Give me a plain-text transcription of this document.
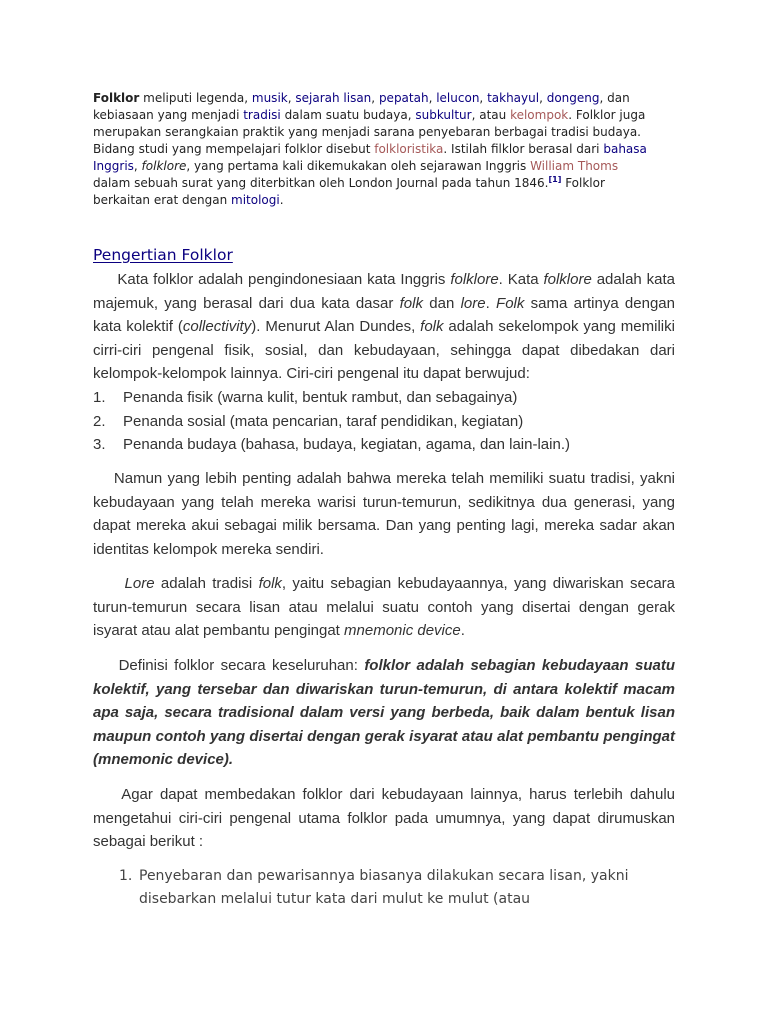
Folklor meliputi legenda, musik, sejarah lisan, pepatah, lelucon, takhayul, dongeng, dan kebiasaan yang menjadi tradisi dalam suatu budaya, subkultur, atau kelompok. Folklor juga merupakan serangkaian praktik yang menjadi sarana penyebaran berbagai tradisi budaya. Bidang studi yang mempelajari folklor disebut folkloristika. Istilah filklor berasal dari bahasa Inggris, folklore, yang pertama kali dikemukakan oleh sejarawan Inggris William Thoms dalam sebuah surat yang diterbitkan oleh London Journal pada tahun 1846.[1] Folklor berkaitan erat dengan mitologi.

Pengertian Folklor

Kata folklor adalah pengindonesiaan kata Inggris folklore. Kata folklore adalah kata majemuk, yang berasal dari dua kata dasar folk dan lore. Folk sama artinya dengan kata kolektif (collectivity). Menurut Alan Dundes, folk adalah sekelompok yang memiliki cirri-ciri pengenal fisik, sosial, dan kebudayaan, sehingga dapat dibedakan dari kelompok-kelompok lainnya. Ciri-ciri pengenal itu dapat berwujud:

1. Penanda fisik (warna kulit, bentuk rambut, dan sebagainya)
2. Penanda sosial (mata pencarian, taraf pendidikan, kegiatan)
3. Penanda budaya (bahasa, budaya, kegiatan, agama, dan lain-lain.)

Namun yang lebih penting adalah bahwa mereka telah memiliki suatu tradisi, yakni kebudayaan yang telah mereka warisi turun-temurun, sedikitnya dua generasi, yang dapat mereka akui sebagai milik bersama. Dan yang penting lagi, mereka sadar akan identitas kelompok mereka sendiri.

Lore adalah tradisi folk, yaitu sebagian kebudayaannya, yang diwariskan secara turun-temurun secara lisan atau melalui suatu contoh yang disertai dengan gerak isyarat atau alat pembantu pengingat mnemonic device.

Definisi folklor secara keseluruhan: folklor adalah sebagian kebudayaan suatu kolektif, yang tersebar dan diwariskan turun-temurun, di antara kolektif macam apa saja, secara tradisional dalam versi yang berbeda, baik dalam bentuk lisan maupun contoh yang disertai dengan gerak isyarat atau alat pembantu pengingat (mnemonic device).

Agar dapat membedakan folklor dari kebudayaan lainnya, harus terlebih dahulu mengetahui ciri-ciri pengenal utama folklor pada umumnya, yang dapat dirumuskan sebagai berikut :

1. Penyebaran dan pewarisannya biasanya dilakukan secara lisan, yakni disebarkan melalui tutur kata dari mulut ke mulut (atau
